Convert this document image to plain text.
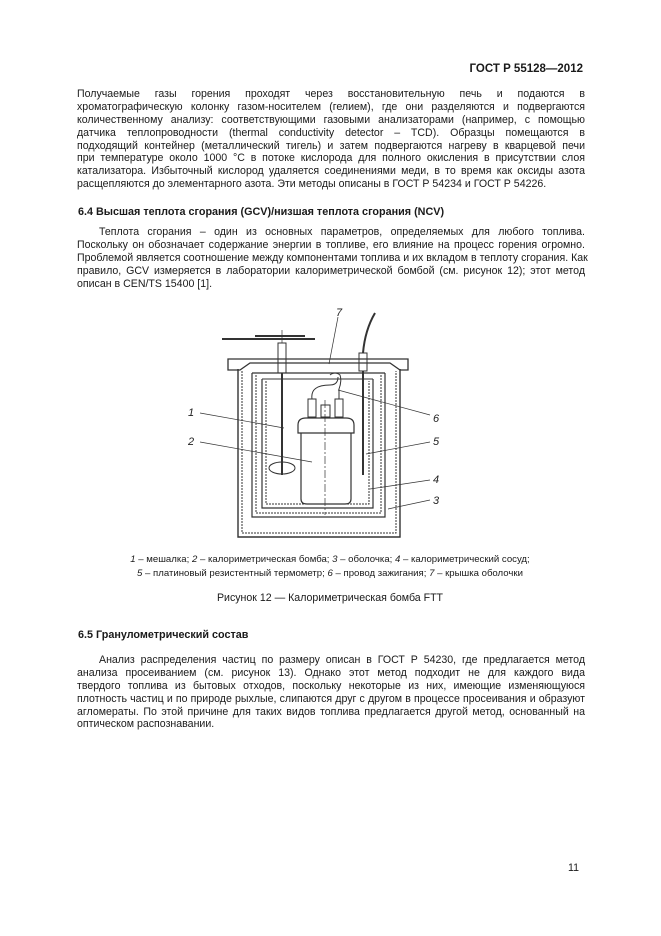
ГОСТ Р 55128—2012
Получаемые газы горения проходят через восстановительную печь и подаются в
хроматографическую колонку газом-носителем (гелием), где они разделяются и подвергаются
количественному анализу: соответствующими газовыми анализаторами (например, с помощью
датчика теплопроводности (thermal conductivity detector – TCD). Образцы помещаются в
подходящий контейнер (металлический тигель) и затем подвергаются нагреву в кварцевой печи
при температуре около 1000 °С в потоке кислорода для полного окисления в присутствии слоя
катализатора. Избыточный кислород удаляется соединениями меди, в то время как оксиды азота
расщепляются до элементарного азота. Эти методы описаны в ГОСТ Р 54234 и ГОСТ Р 54226.
6.4 Высшая теплота сгорания (GCV)/низшая теплота сгорания (NCV)
Теплота сгорания – один из основных параметров, определяемых для любого топлива.
Поскольку он обозначает содержание энергии в топливе, его влияние на процесс горения огромно.
Проблемой является соотношение между компонентами топлива и их вкладом в теплоту сгорания. Как
правило, GCV измеряется в лаборатории калориметрической бомбой (см. рисунок 12); этот метод
описан в CEN/TS 15400 [1].
1
2
3
4
5
6
7
1 – мешалка; 2 – калориметрическая бомба; 3 – оболочка; 4 – калориметрический сосуд;
5 – платиновый резистентный термометр; 6 – провод зажигания; 7 – крышка оболочки
Рисунок 12 — Калориметрическая бомба FTT
6.5 Гранулометрический состав
Анализ распределения частиц по размеру описан в ГОСТ Р 54230, где предлагается метод
анализа просеиванием (см. рисунок 13). Однако этот метод подходит не для каждого вида
твердого топлива из бытовых отходов, поскольку некоторые из них, имеющие изменяющуюся
плотность частиц и по природе рыхлые, слипаются друг с другом в процессе просеивания и образуют
агломераты. По этой причине для таких видов топлива предлагается другой метод, основанный на
оптическом распознавании.
11
